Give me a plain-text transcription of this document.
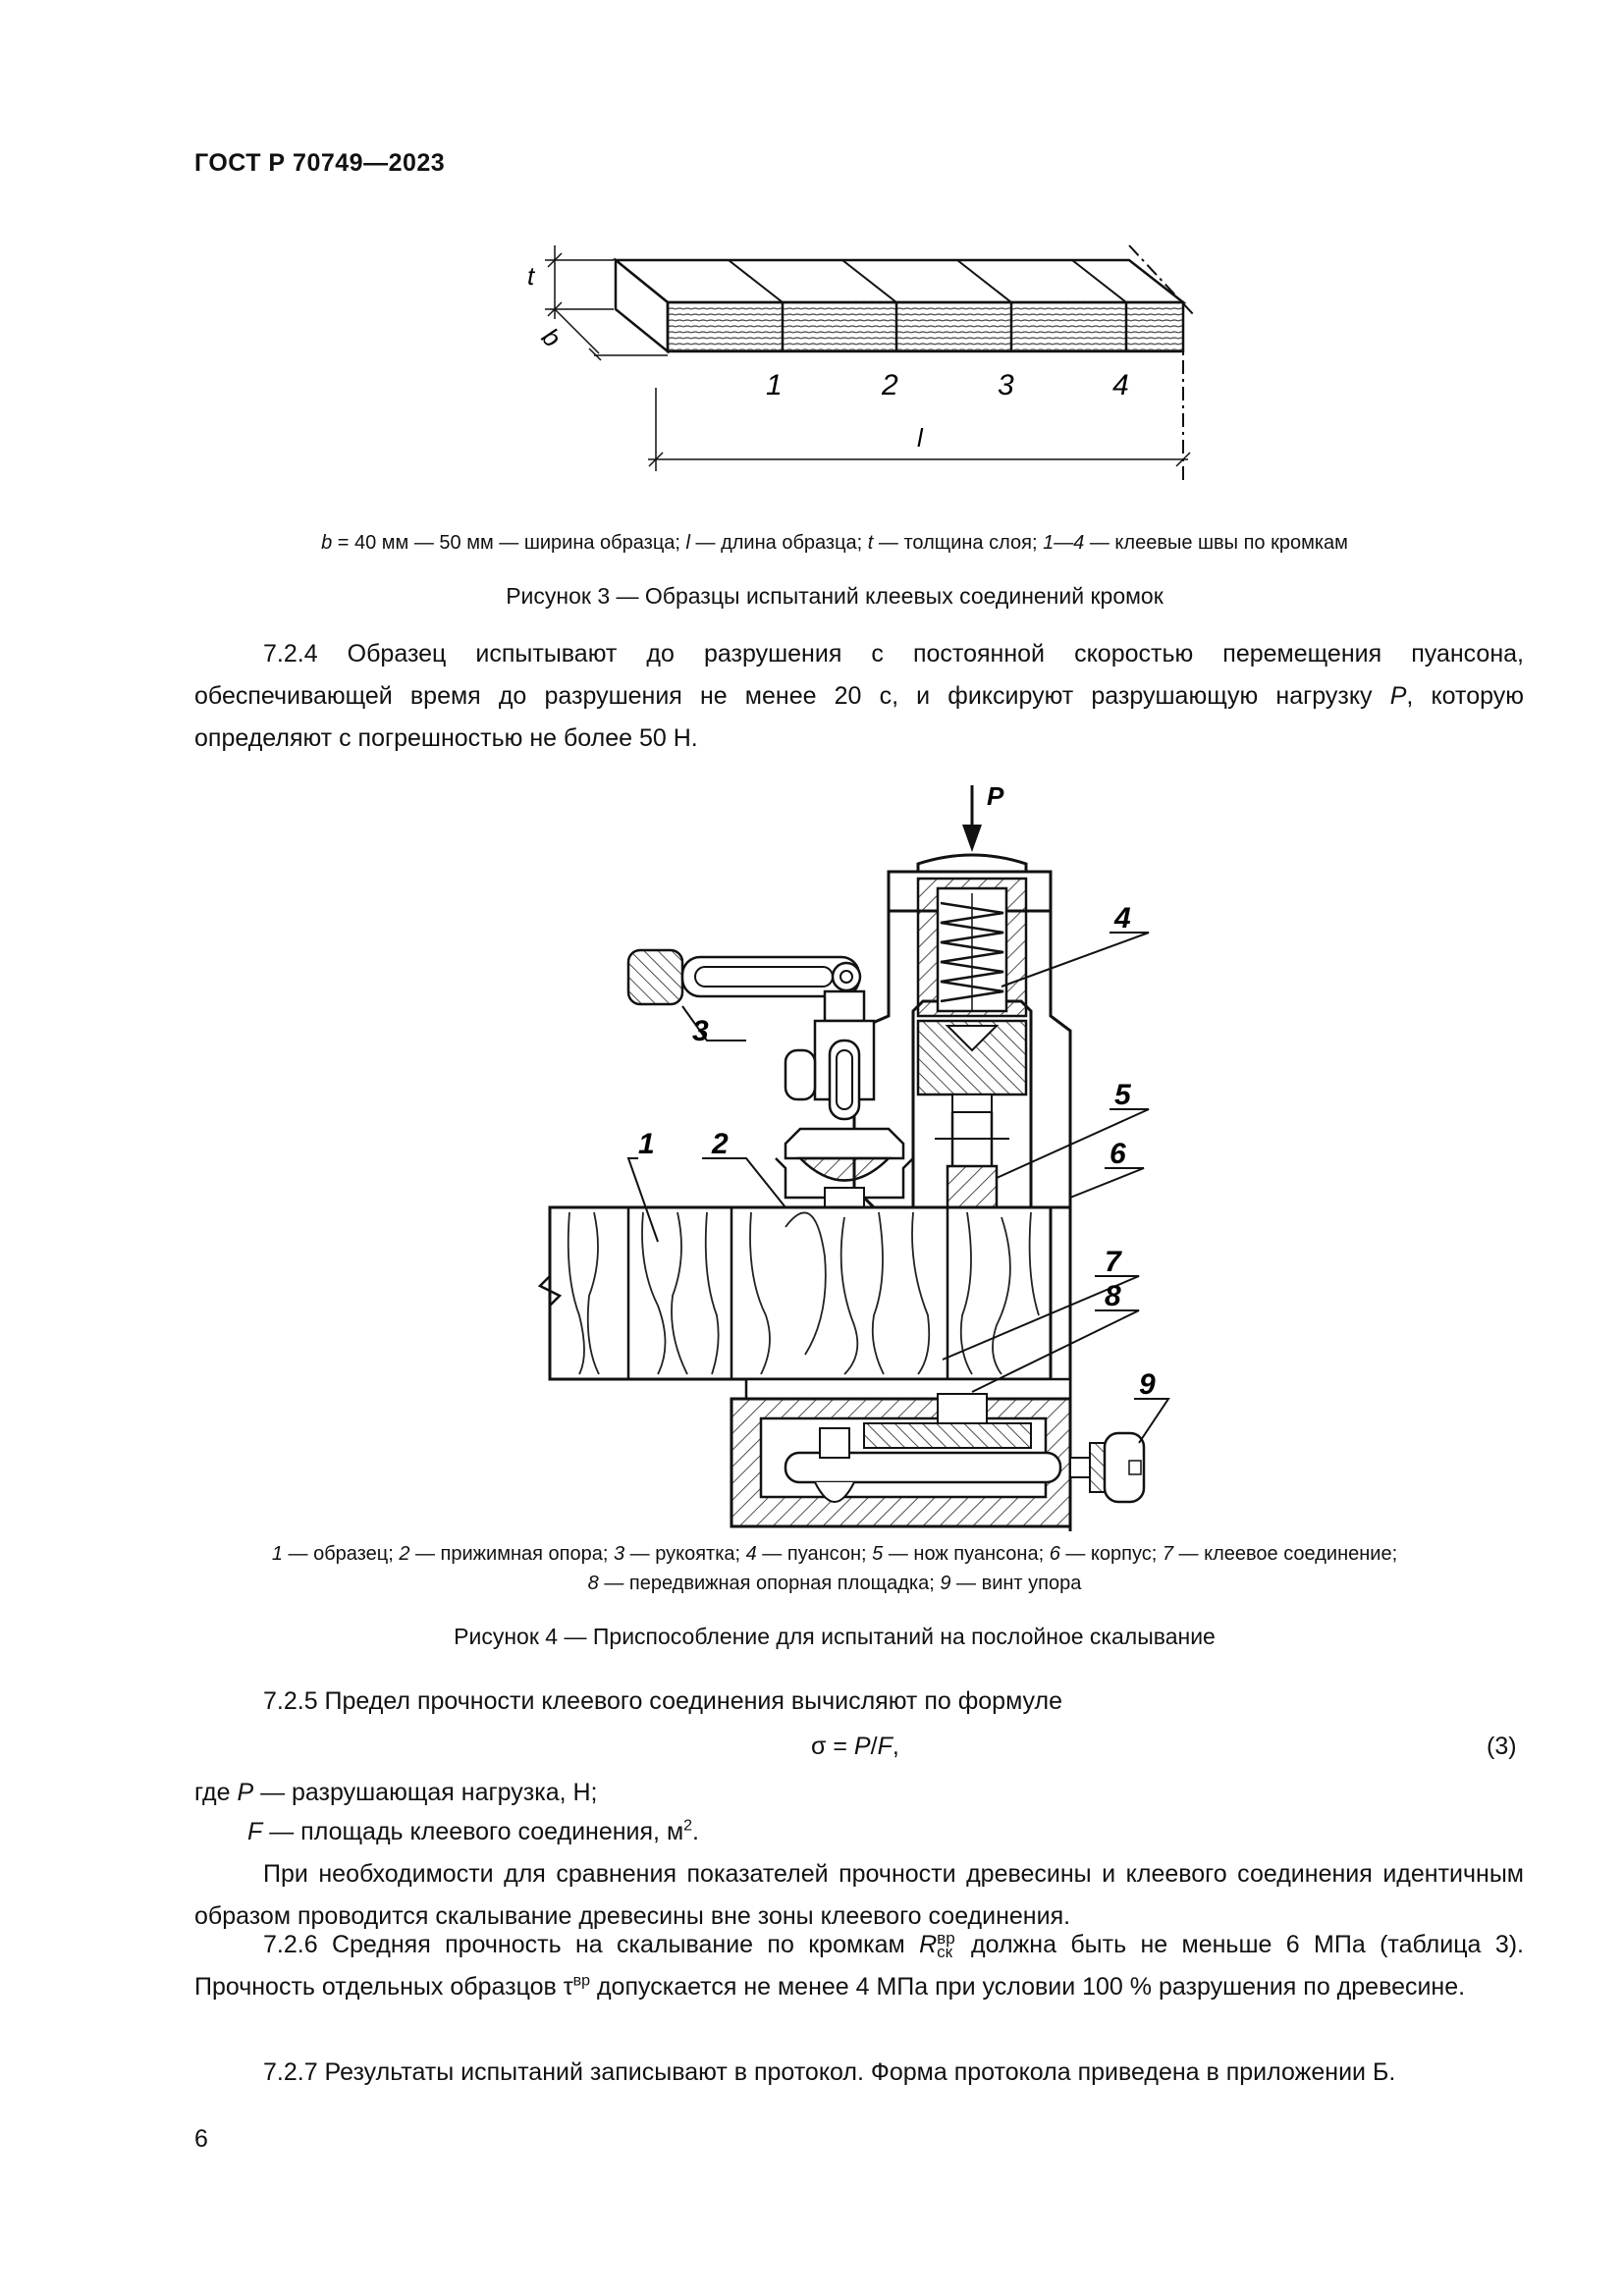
ГОСТ Р 70749—2023
t
b
1	2	3	4
l
b = 40 мм — 50 мм — ширина образца; l — длина образца; t — толщина слоя; 1—4 — клеевые швы по кромкам
Рисунок 3 — Образцы испытаний клеевых соединений кромок
7.2.4 Образец испытывают до разрушения с постоянной скоростью перемещения пуансона, обеспечивающей время до разрушения не менее 20 с, и фиксируют разрушающую нагрузку P, которую определяют с погрешностью не более 50 Н.
P
3
1 2
4
5
6
7
8
9
1 — образец; 2 — прижимная опора; 3 — рукоятка; 4 — пуансон; 5 — нож пуансона; 6 — корпус; 7 — клеевое соединение;
8 — передвижная опорная площадка; 9 — винт упора
Рисунок 4 — Приспособление для испытаний на послойное скалывание
7.2.5 Предел прочности клеевого соединения вычисляют по формуле
σ = P/F,	(3)
где P — разрушающая нагрузка, Н;
F — площадь клеевого соединения, $м^2$.
При необходимости для сравнения показателей прочности древесины и клеевого соединения идентичным образом проводится скалывание древесины вне зоны клеевого соединения.
7.2.6 Средняя прочность на скалывание по кромкам R вр
ск должна быть не меньше 6 МПа (таблица 3). Прочность отдельных образцов $\tau^{вр}$ допускается не менее 4 МПа при условии 100 % разрушения по древесине.
7.2.7 Результаты испытаний записывают в протокол. Форма протокола приведена в приложении Б.
6
